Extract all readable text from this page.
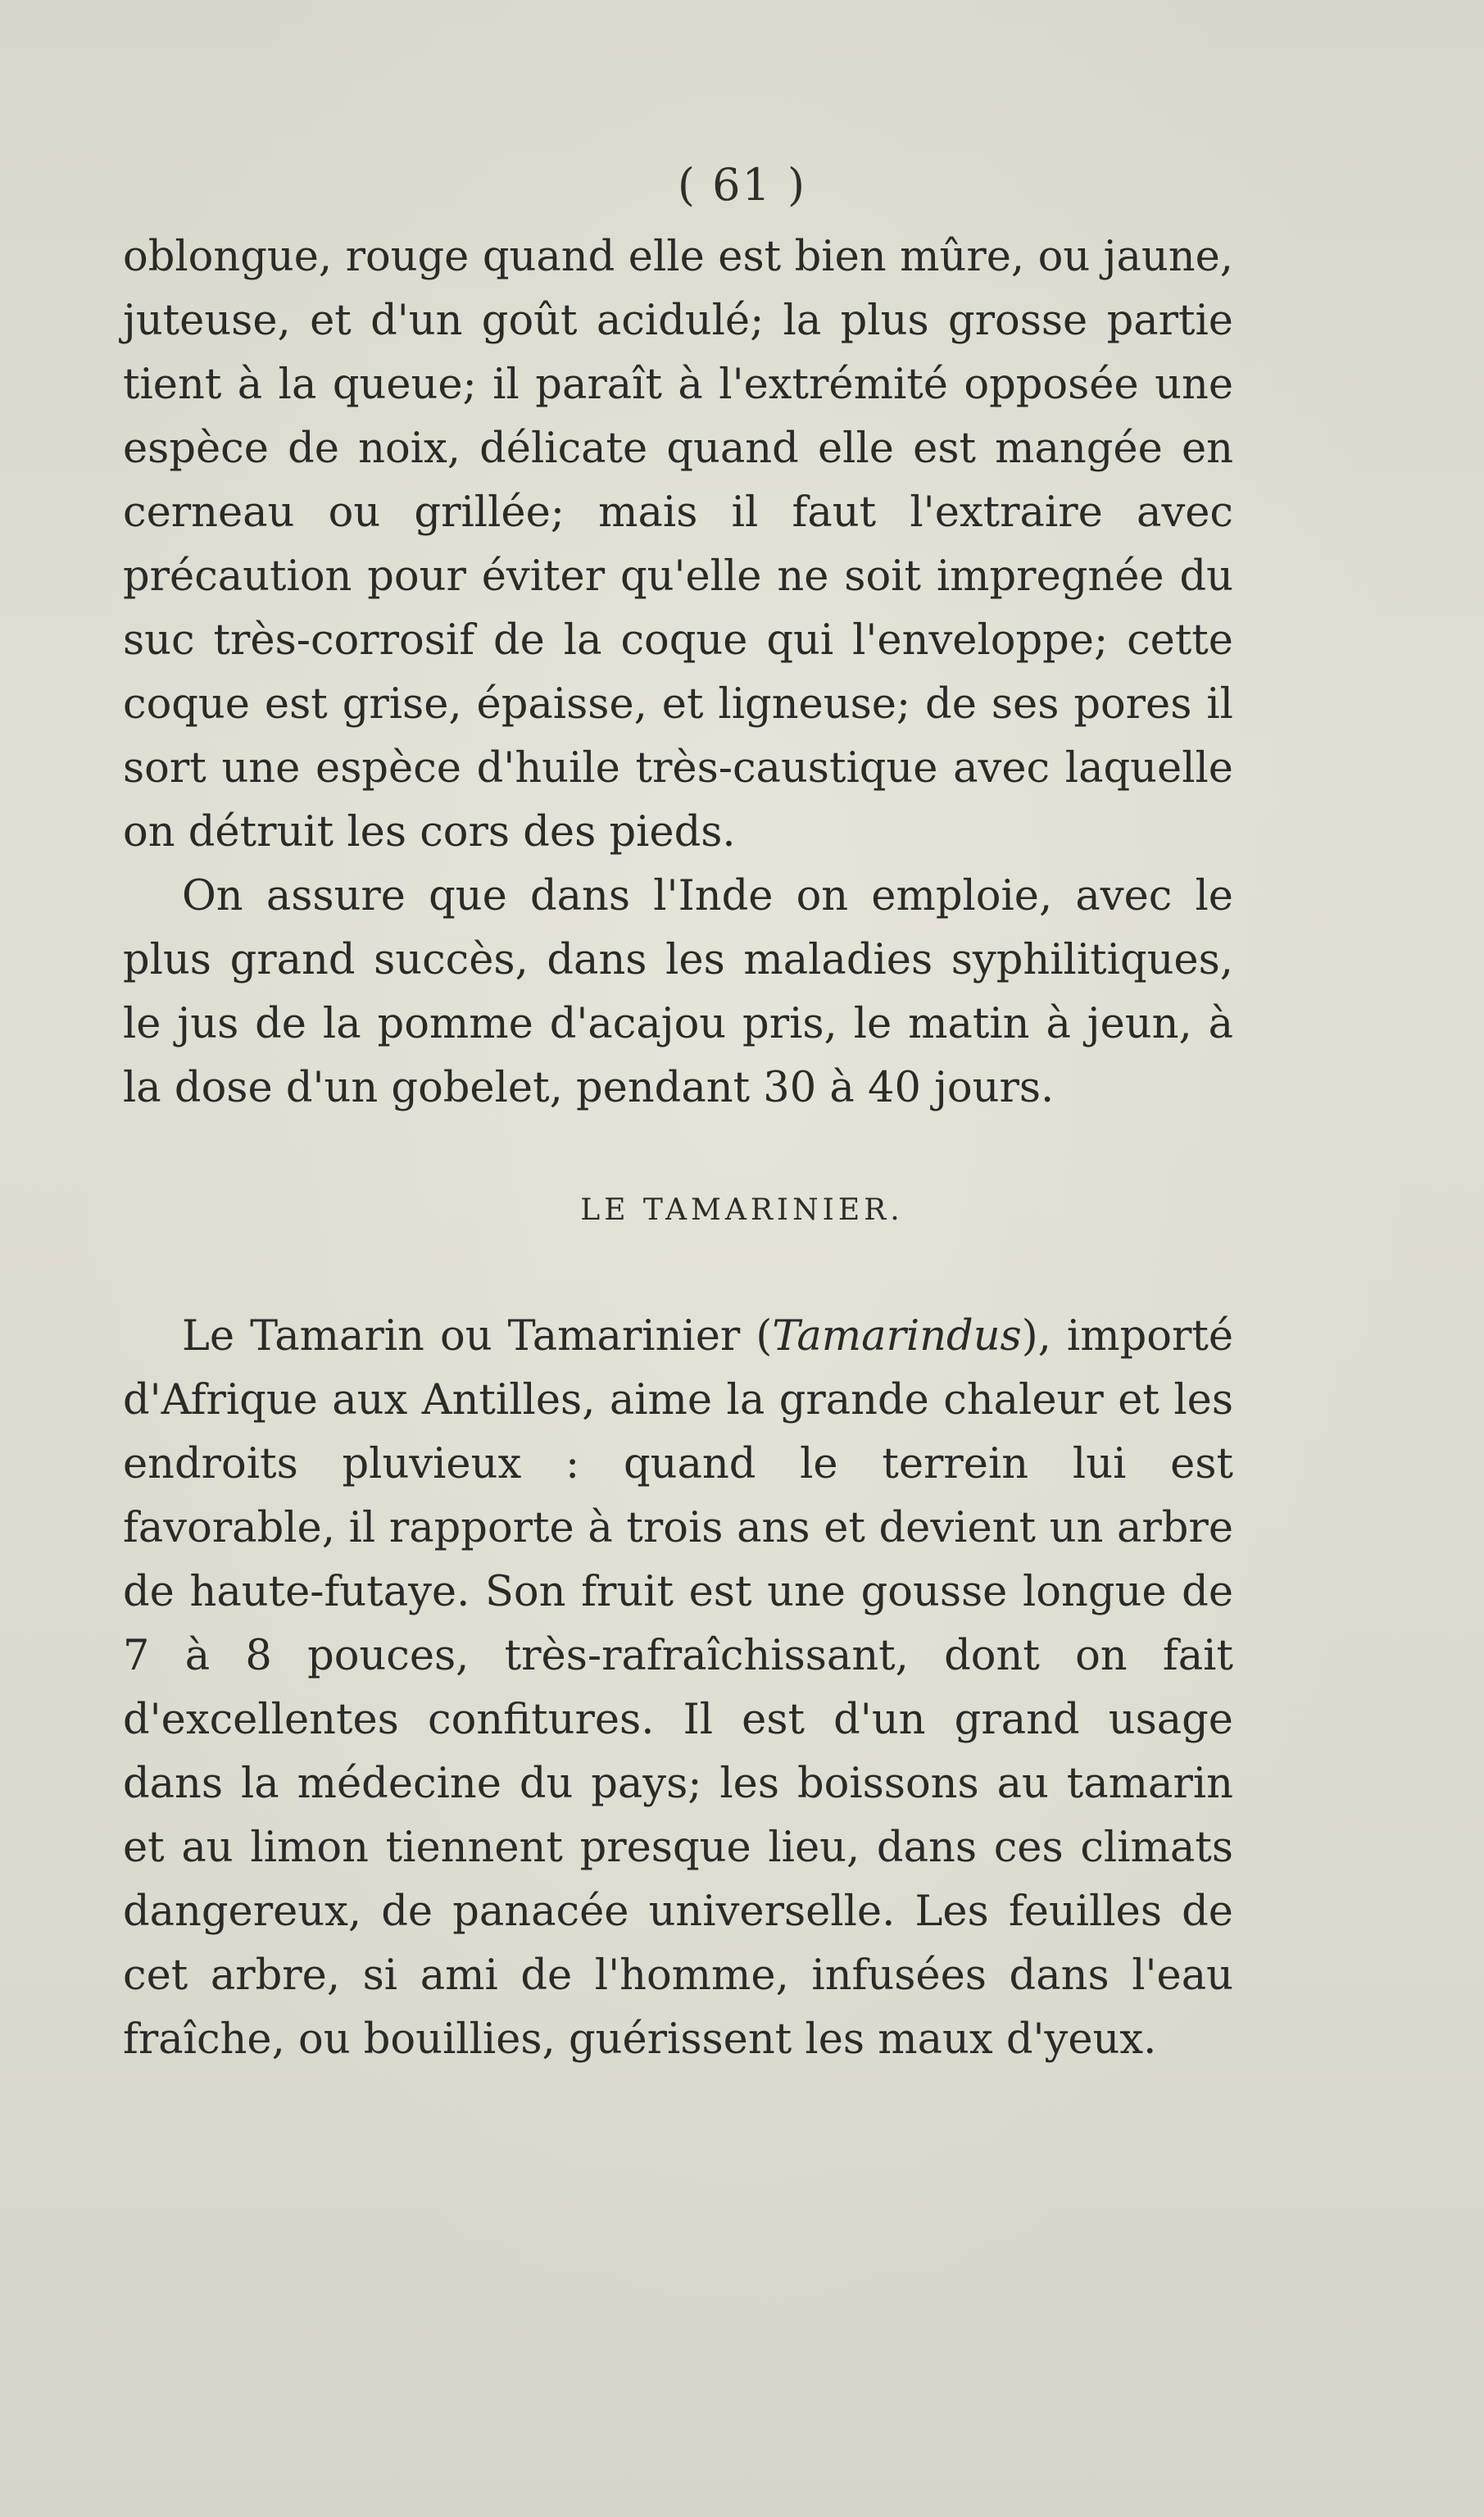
( 61 )

oblongue, rouge quand elle est bien mûre, ou jaune, juteuse, et d'un goût acidulé; la plus grosse partie tient à la queue; il paraît à l'extrémité opposée une espèce de noix, délicate quand elle est mangée en cerneau ou grillée; mais il faut l'extraire avec précaution pour éviter qu'elle ne soit impregnée du suc très-corrosif de la coque qui l'enveloppe; cette coque est grise, épaisse, et ligneuse; de ses pores il sort une espèce d'huile très-caustique avec laquelle on détruit les cors des pieds.

On assure que dans l'Inde on emploie, avec le plus grand succès, dans les maladies syphilitiques, le jus de la pomme d'acajou pris, le matin à jeun, à la dose d'un gobelet, pendant 30 à 40 jours.

LE TAMARINIER.

Le Tamarin ou Tamarinier (Tamarindus), importé d'Afrique aux Antilles, aime la grande chaleur et les endroits pluvieux : quand le terrein lui est favorable, il rapporte à trois ans et devient un arbre de haute-futaye. Son fruit est une gousse longue de 7 à 8 pouces, très-rafraîchissant, dont on fait d'excellentes confitures. Il est d'un grand usage dans la médecine du pays; les boissons au tamarin et au limon tiennent presque lieu, dans ces climats dangereux, de panacée universelle. Les feuilles de cet arbre, si ami de l'homme, infusées dans l'eau fraîche, ou bouillies, guérissent les maux d'yeux.
